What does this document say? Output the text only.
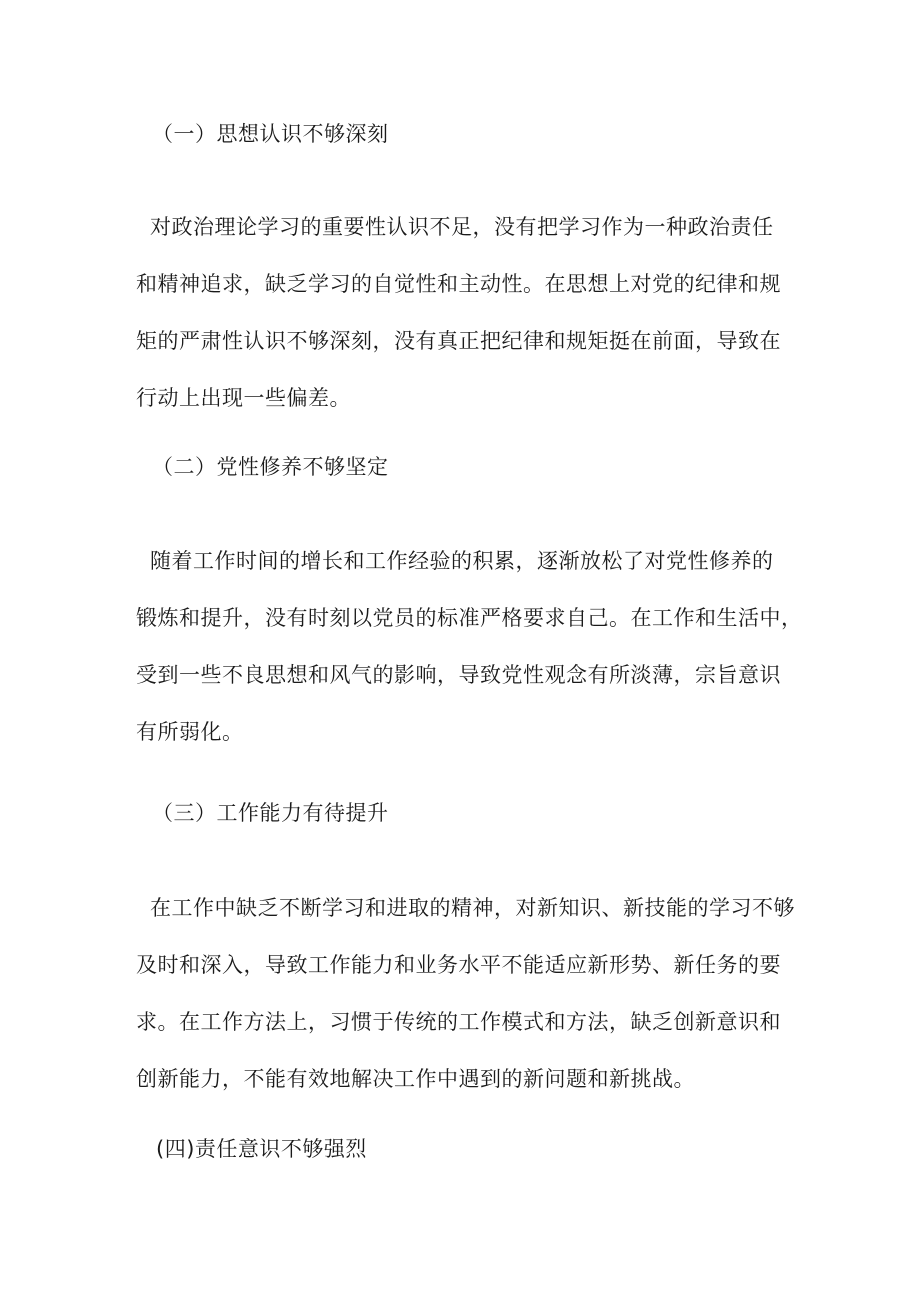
（一）思想认识不够深刻
对政治理论学习的重要性认识不足，没有把学习作为一种政治责任
和精神追求，缺乏学习的自觉性和主动性。在思想上对党的纪律和规
矩的严肃性认识不够深刻，没有真正把纪律和规矩挺在前面，导致在
行动上出现一些偏差。
（二）党性修养不够坚定
随着工作时间的增长和工作经验的积累，逐渐放松了对党性修养的
锻炼和提升，没有时刻以党员的标准严格要求自己。在工作和生活中，
受到一些不良思想和风气的影响，导致党性观念有所淡薄，宗旨意识
有所弱化。
（三）工作能力有待提升
在工作中缺乏不断学习和进取的精神，对新知识、新技能的学习不够
及时和深入，导致工作能力和业务水平不能适应新形势、新任务的要
求。在工作方法上，习惯于传统的工作模式和方法，缺乏创新意识和
创新能力，不能有效地解决工作中遇到的新问题和新挑战。
(四)责任意识不够强烈
